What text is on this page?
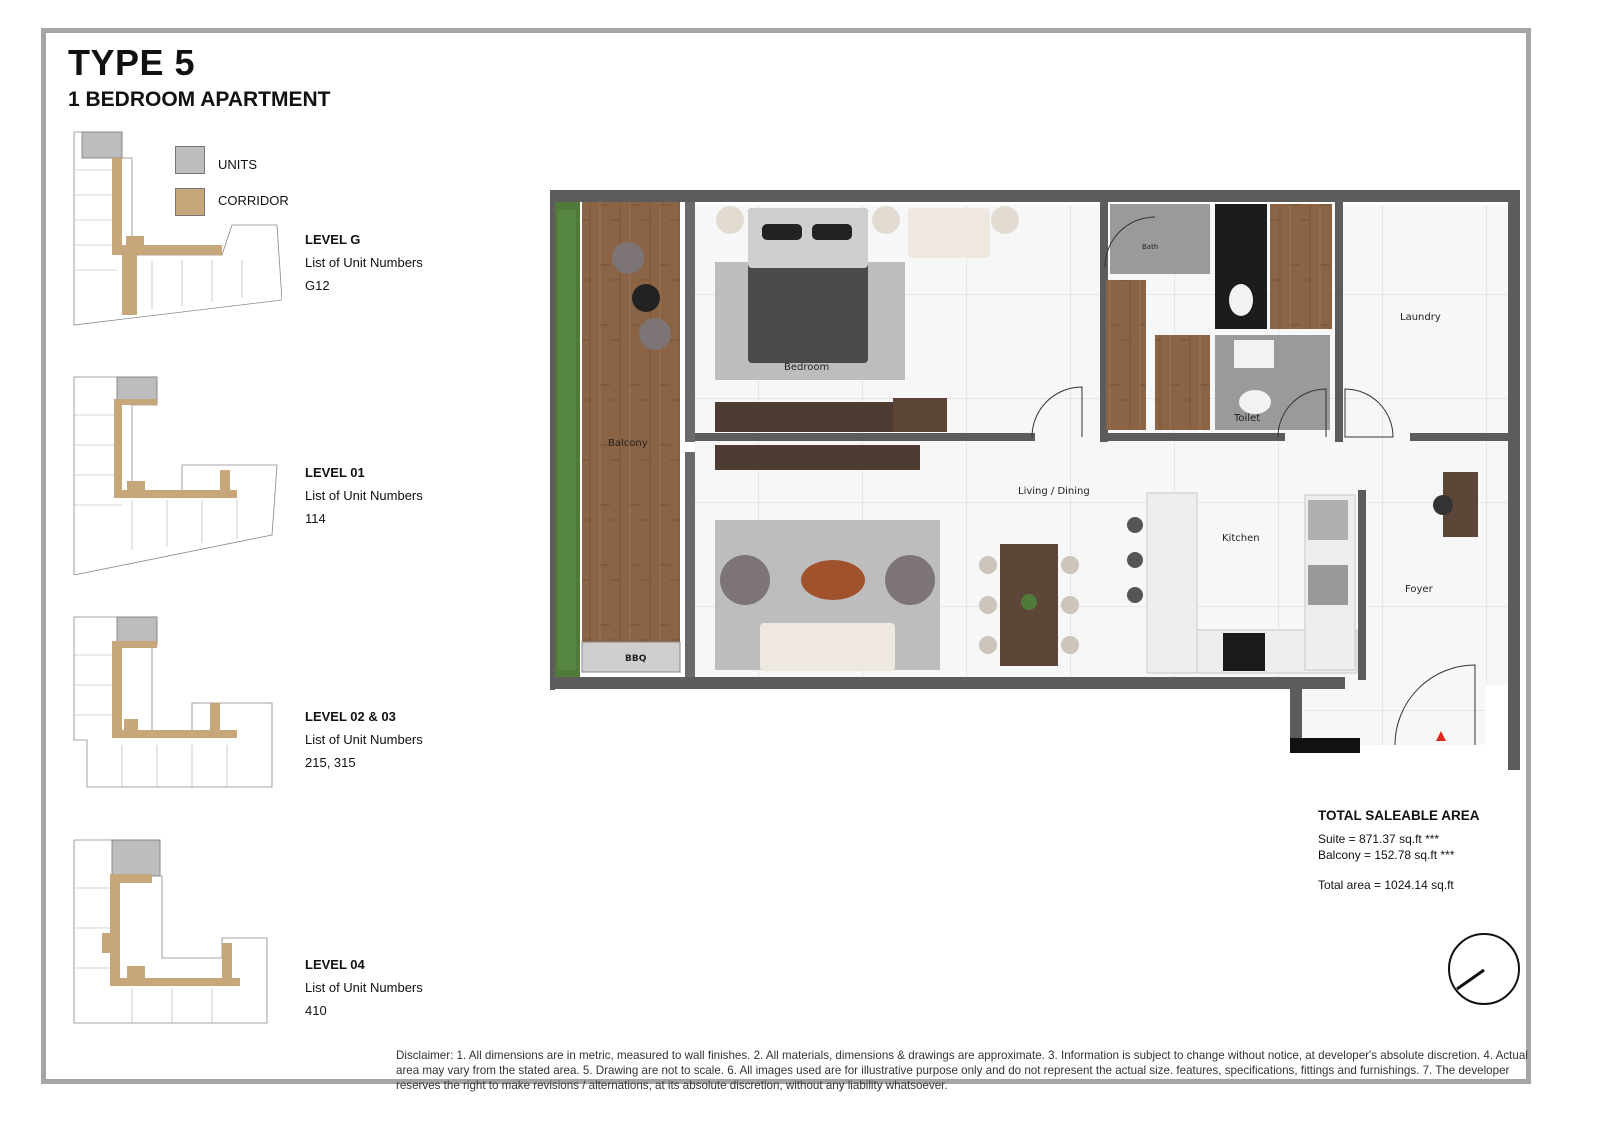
TYPE 5
1 BEDROOM APARTMENT
UNITS
CORRIDOR
LEVEL G
List of Unit Numbers
G12
LEVEL 01
List of Unit Numbers
114
LEVEL 02 & 03
List of Unit Numbers
215, 315
LEVEL 04
List of Unit Numbers
410
BBQ
Balcony
Bedroom
Living / Dining
Kitchen
Bath
Toilet
Laundry
Foyer
TOTAL SALEABLE AREA
Suite = 871.37 sq.ft ***
Balcony = 152.78 sq.ft ***
Total area = 1024.14 sq.ft
Disclaimer: 1. All dimensions are in metric, measured to wall finishes. 2. All materials, dimensions & drawings are approximate. 3. Information is subject to change without notice, at developer's absolute discretion. 4. Actual area may vary from the stated area. 5. Drawing are not to scale. 6. All images used are for illustrative purpose only and do not represent the actual size. features, specifications, fittings and furnishings. 7. The developer reserves the right to make revisions / alternations, at its absolute discretion, without any liability whatsoever.
